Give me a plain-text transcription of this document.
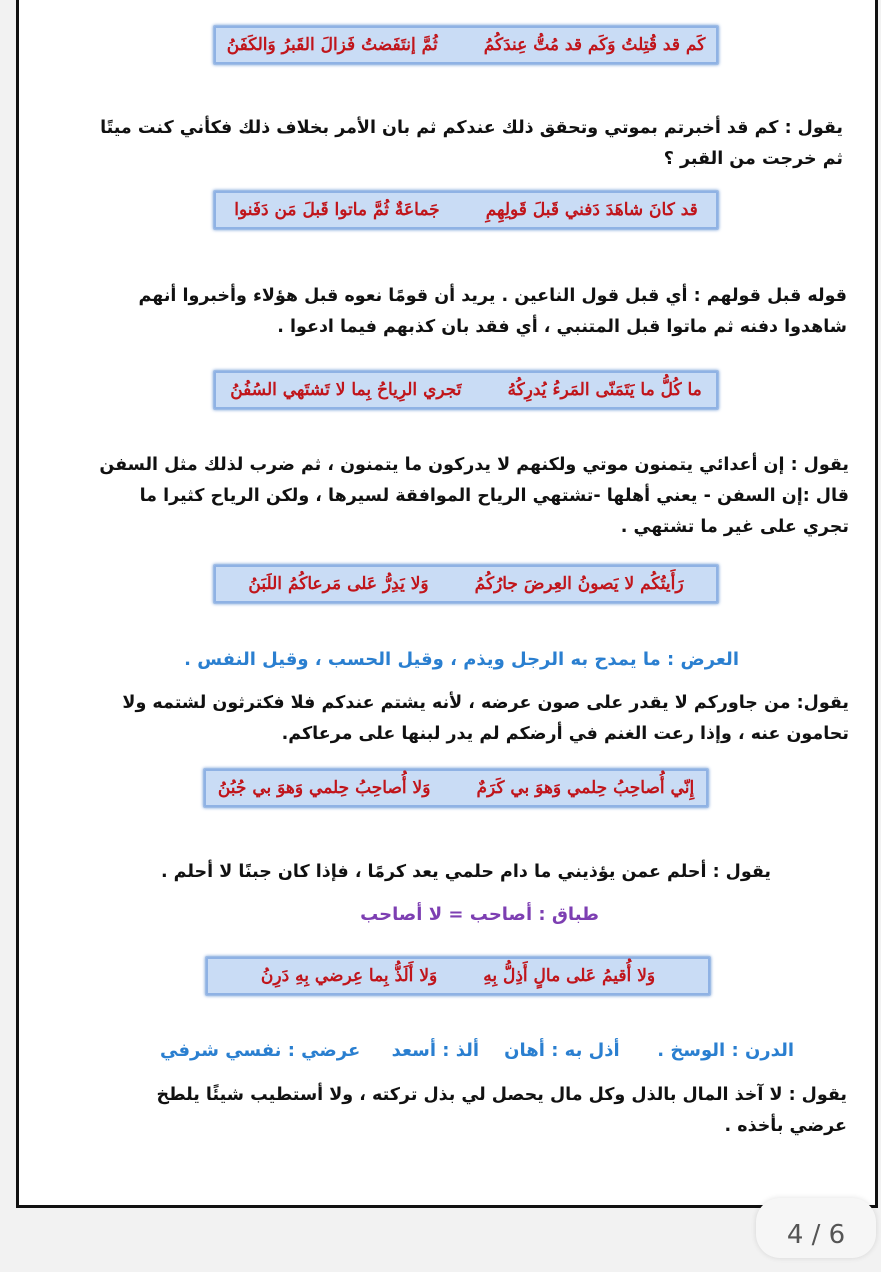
كَم قد قُتِلتُ وَكَم قد مُتُّ عِندَكُمُ
ثُمَّ إنتَفَضتُ فَزالَ القَبرُ وَالكَفَنُ

يقول : كم قد أخبرتم بموتي وتحقق ذلك عندكم ثم بان الأمر بخلاف ذلك فكأني كنت ميتًا ثم خرجت من القبر ؟

قد كانَ شاهَدَ دَفني قَبلَ قَولِهِمِ
جَماعَةٌ ثُمَّ ماتوا قَبلَ مَن دَفَنوا

قوله قبل قولهم : أي قبل قول الناعين . يريد أن قومًا نعوه قبل هؤلاء وأخبروا أنهم شاهدوا دفنه ثم ماتوا قبل المتنبي ، أي فقد بان كذبهم فيما ادعوا .

ما كُلُّ ما يَتَمَنّى المَرءُ يُدرِكُهُ
تَجري الرِياحُ بِما لا تَشتَهي السُفُنُ

يقول : إن أعدائي يتمنون موتي ولكنهم لا يدركون ما يتمنون ، ثم ضرب لذلك مثل السفن قال :إن السفن - يعني أهلها -تشتهي الرياح الموافقة لسيرها ، ولكن الرياح كثيرا ما تجري على غير ما تشتهي .

رَأَيتُكُم لا يَصونُ العِرضَ جارُكُمُ
وَلا يَدِرُّ عَلى مَرعاكُمُ اللَبَنُ

العرض : ما يمدح به الرجل ويذم ، وقيل الحسب ، وقيل النفس .

يقول: من جاوركم لا يقدر على صون عرضه ، لأنه يشتم عندكم فلا فكترثون لشتمه ولا تحامون عنه ، وإذا رعت الغنم في أرضكم لم يدر لبنها على مرعاكم.

إِنّي أُصاحِبُ حِلمي وَهوَ بي كَرَمٌ
وَلا أُصاحِبُ حِلمي وَهوَ بي جُبُنُ

يقول : أحلم عمن يؤذيني ما دام حلمي يعد كرمًا ، فإذا كان جبنًا لا أحلم .

طباق : أصاحب = لا أصاحب

وَلا أُقيمُ عَلى مالٍ أَذِلُّ بِهِ
وَلا أَلَذُّ بِما عِرضي بِهِ دَرِنُ

الدرن : الوسخ .      أذل به : أهان    ألذ : أسعد     عرضي : نفسي شرفي

يقول : لا آخذ المال بالذل وكل مال يحصل لي بذل تركته ، ولا أستطيب شيئًا يلطخ عرضي بأخذه .

4 / 6
